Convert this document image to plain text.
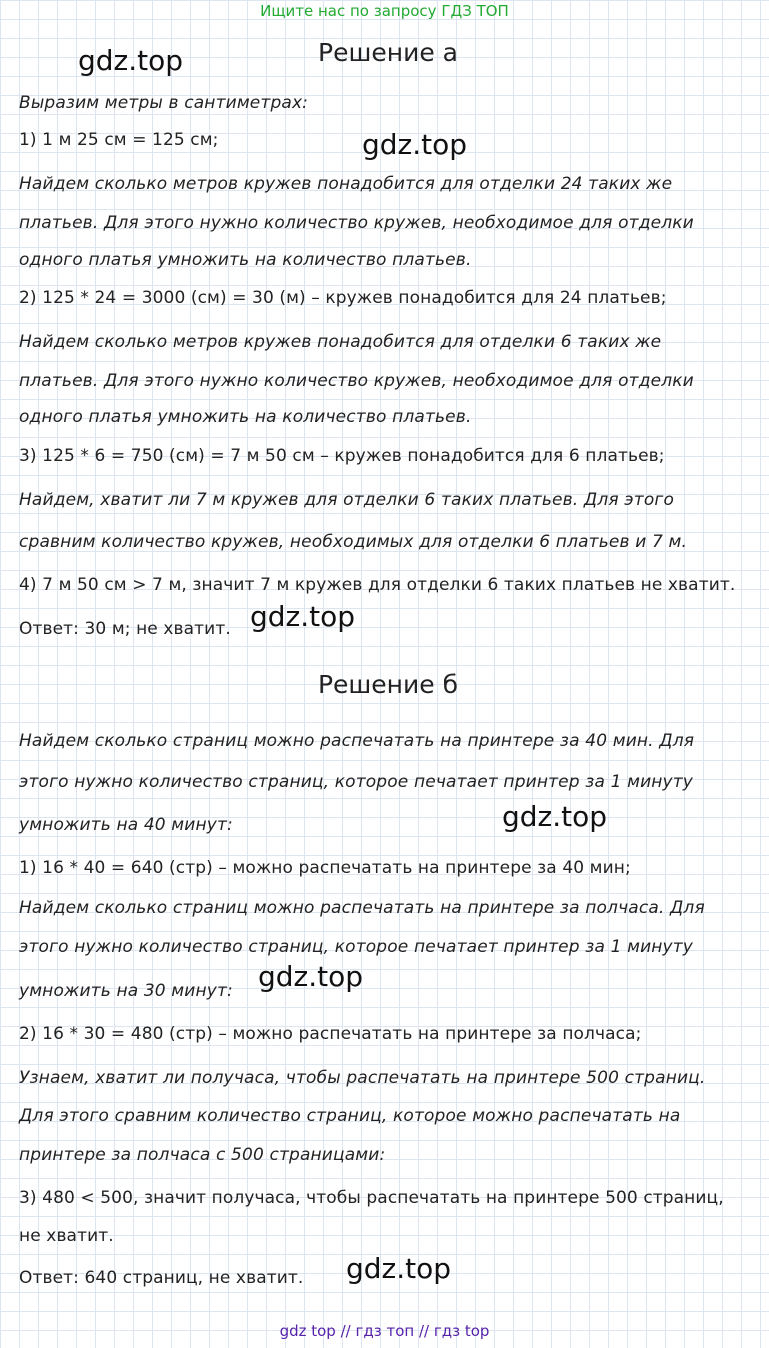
Ищите нас по запросу ГДЗ ТОП
Решение а
gdz.top
Выразим метры в сантиметрах:
1) 1 м 25 см = 125 см;	gdz.top
Найдем сколько метров кружев понадобится для отделки 24 таких же
платьев. Для этого нужно количество кружев, необходимое для отделки
одного платья умножить на количество платьев.
2) 125 * 24 = 3000 (см) = 30 (м) – кружев понадобится для 24 платьев;
Найдем сколько метров кружев понадобится для отделки 6 таких же
платьев. Для этого нужно количество кружев, необходимое для отделки
одного платья умножить на количество платьев.
3) 125 * 6 = 750 (см) = 7 м 50 см – кружев понадобится для 6 платьев;
Найдем, хватит ли 7 м кружев для отделки 6 таких платьев. Для этого
сравним количество кружев, необходимых для отделки 6 платьев и 7 м.
4) 7 м 50 см > 7 м, значит 7 м кружев для отделки 6 таких платьев не хватит.
Ответ: 30 м; не хватит. gdz.top
Решение б
Найдем сколько страниц можно распечатать на принтере за 40 мин. Для
этого нужно количество страниц, которое печатает принтер за 1 минуту
умножить на 40 минут:	gdz.top
1) 16 * 40 = 640 (стр) – можно распечатать на принтере за 40 мин;
Найдем сколько страниц можно распечатать на принтере за полчаса. Для
этого нужно количество страниц, которое печатает принтер за 1 минуту
gdz.top
умножить на 30 минут:
2) 16 * 30 = 480 (стр) – можно распечатать на принтере за полчаса;
Узнаем, хватит ли получаса, чтобы распечатать на принтере 500 страниц.
Для этого сравним количество страниц, которое можно распечатать на
принтере за полчаса с 500 страницами:
3) 480 < 500, значит получаса, чтобы распечатать на принтере 500 страниц,
не хватит.
Ответ: 640 страниц, не хватит. gdz.top
gdz top // гдз топ // гдз top
